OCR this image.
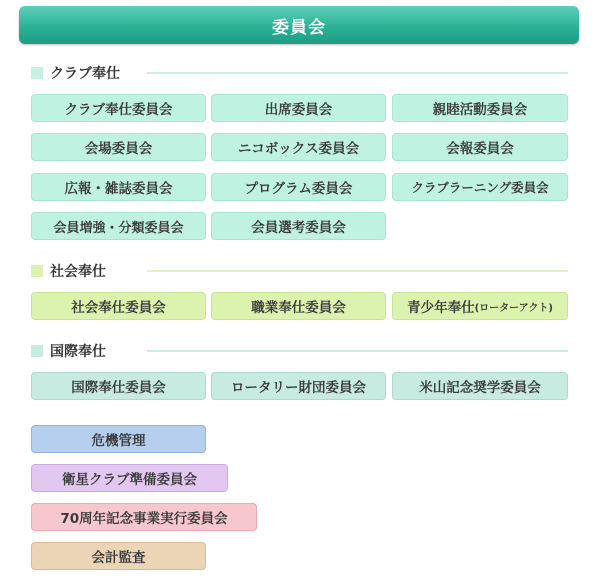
委員会
クラブ奉仕
クラブ奉仕委員会	出席委員会	親睦活動委員会
会場委員会	ニコボックス委員会	会報委員会
広報・雑誌委員会	プログラム委員会	クラブラーニング委員会
会員増強・分類委員会	会員選考委員会
社会奉仕
社会奉仕委員会	職業奉仕委員会	青少年奉仕 (ローターアクト)
国際奉仕
国際奉仕委員会	ロータリー財団委員会	米山記念奨学委員会
危機管理
衛星クラブ準備委員会
70周年記念事業実行委員会
会計監査
